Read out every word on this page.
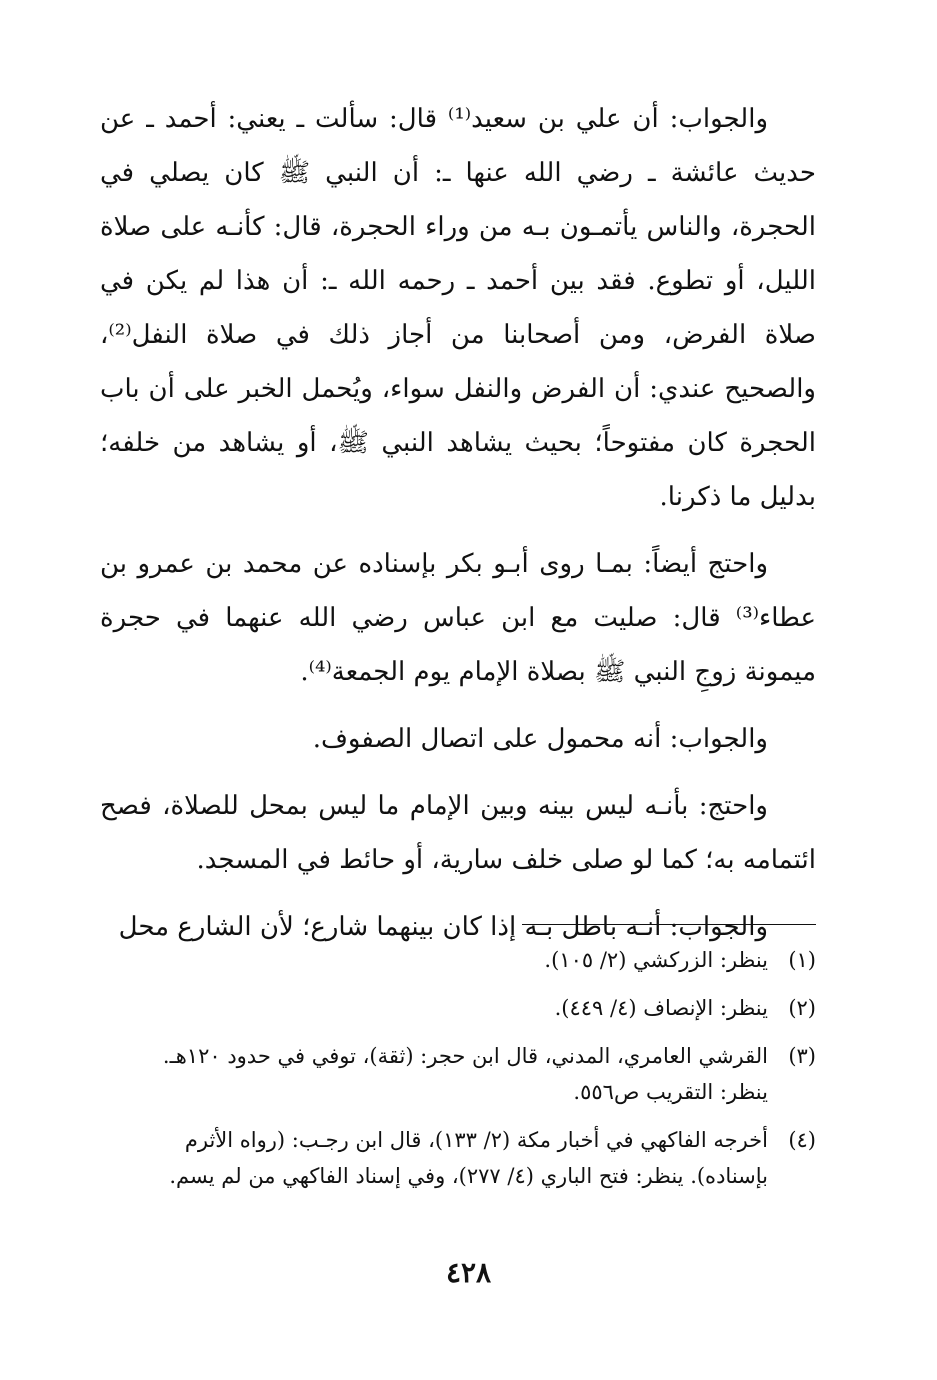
والجواب: أن علي بن سعيد⁽¹⁾ قال: سألت ـ يعني: أحمد ـ عن حديث عائشة ـ رضي الله عنها ـ: أن النبي ﷺ كان يصلي في الحجرة، والناس يأتمـون بـه من وراء الحجرة، قال: كأنـه على صلاة الليل، أو تطوع. فقد بين أحمد ـ رحمه الله ـ: أن هذا لم يكن في صلاة الفرض، ومن أصحابنا من أجاز ذلك في صلاة النفل⁽²⁾، والصحيح عندي: أن الفرض والنفل سواء، ويُحمل الخبر على أن باب الحجرة كان مفتوحاً؛ بحيث يشاهد النبي ﷺ، أو يشاهد من خلفه؛ بدليل ما ذكرنا.

واحتج أيضاً: بمـا روى أبـو بكر بإسناده عن محمد بن عمرو بن عطاء⁽³⁾ قال: صليت مع ابن عباس رضي الله عنهما في حجرة ميمونة زوجِ النبي ﷺ بصلاة الإمام يوم الجمعة⁽⁴⁾.

والجواب: أنه محمول على اتصال الصفوف.

واحتج: بأنـه ليس بينه وبين الإمام ما ليس بمحل للصلاة، فصح ائتمامه به؛ كما لو صلى خلف سارية، أو حائط في المسجد.

والجواب: أنـه باطل بـه إذا كان بينهما شارع؛ لأن الشارع محل

(١)
ينظر: الزركشي (٢/ ١٠٥).
(٢)
ينظر: الإنصاف (٤/ ٤٤٩).
(٣)
القرشي العامري، المدني، قال ابن حجر: (ثقة)، توفي في حدود ١٢٠هـ.
ينظر: التقريب ص٥٥٦.
(٤)
أخرجه الفاكهي في أخبار مكة (٢/ ١٣٣)، قال ابن رجـب: (رواه الأثرم
بإسناده). ينظر: فتح الباري (٤/ ٢٧٧)، وفي إسناد الفاكهي من لم يسم.
٤٢٨
